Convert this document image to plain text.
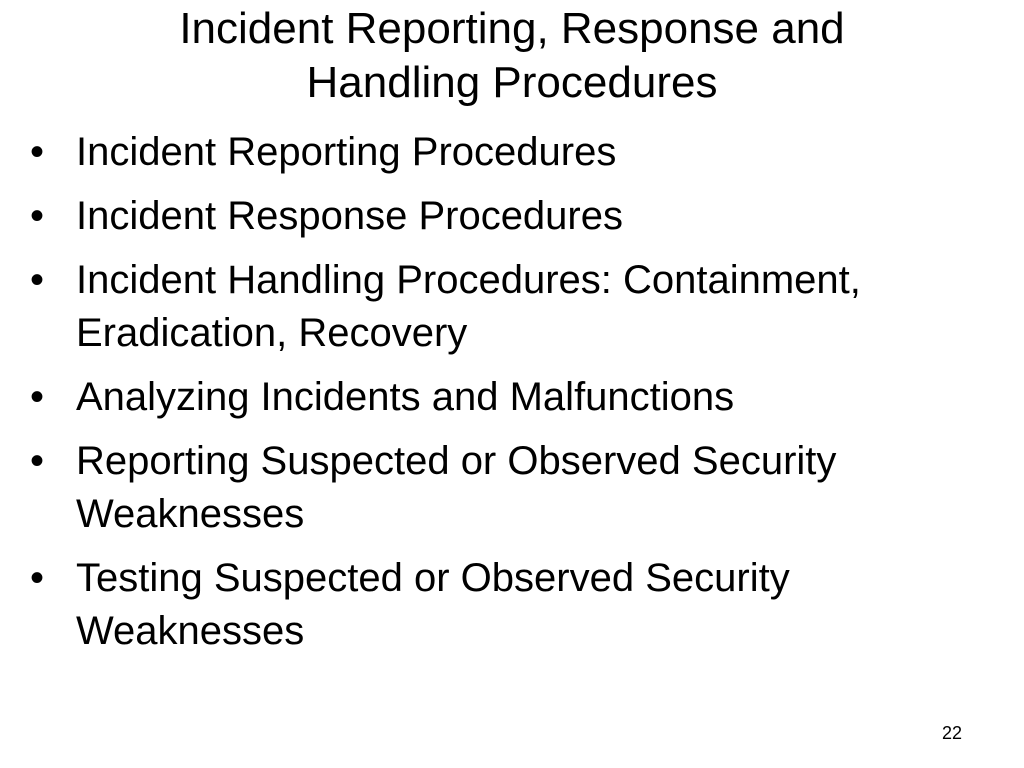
Incident Reporting, Response and
Handling Procedures
• Incident Reporting Procedures
• Incident Response Procedures
• Incident Handling Procedures: Containment, Eradication, Recovery
• Analyzing Incidents and Malfunctions
• Reporting Suspected or Observed Security Weaknesses
• Testing Suspected or Observed Security Weaknesses
22
